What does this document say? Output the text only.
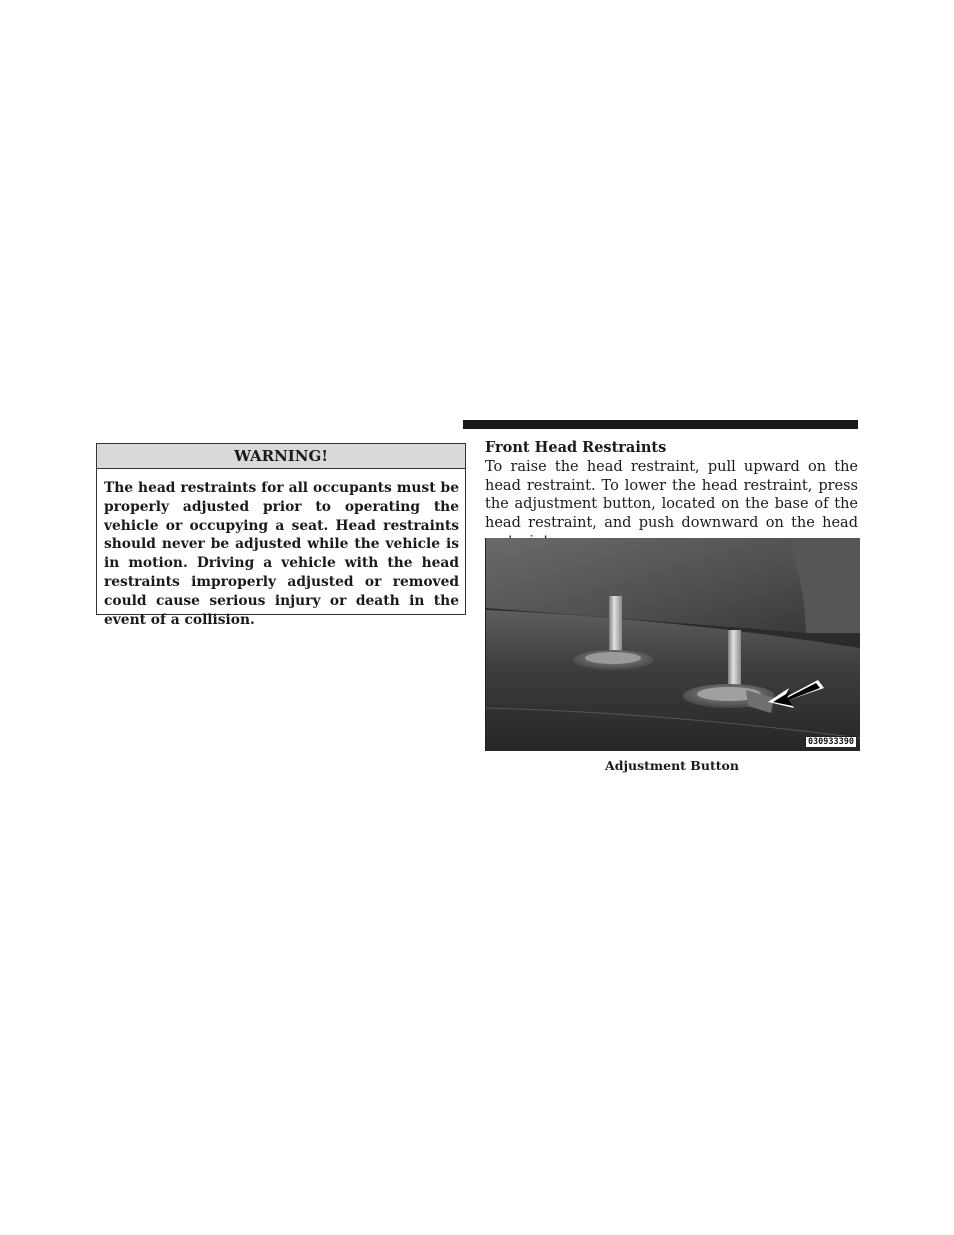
WARNING!
The head restraints for all occupants must be properly adjusted prior to operating the vehicle or occupying a seat. Head restraints should never be adjusted while the vehicle is in motion. Driving a vehicle with the head restraints improperly adjusted or removed could cause serious injury or death in the event of a collision.
Front Head Restraints
To raise the head restraint, pull upward on the head restraint. To lower the head restraint, press the adjustment button, located on the base of the head restraint, and push downward on the head
030933390
Adjustment Button
